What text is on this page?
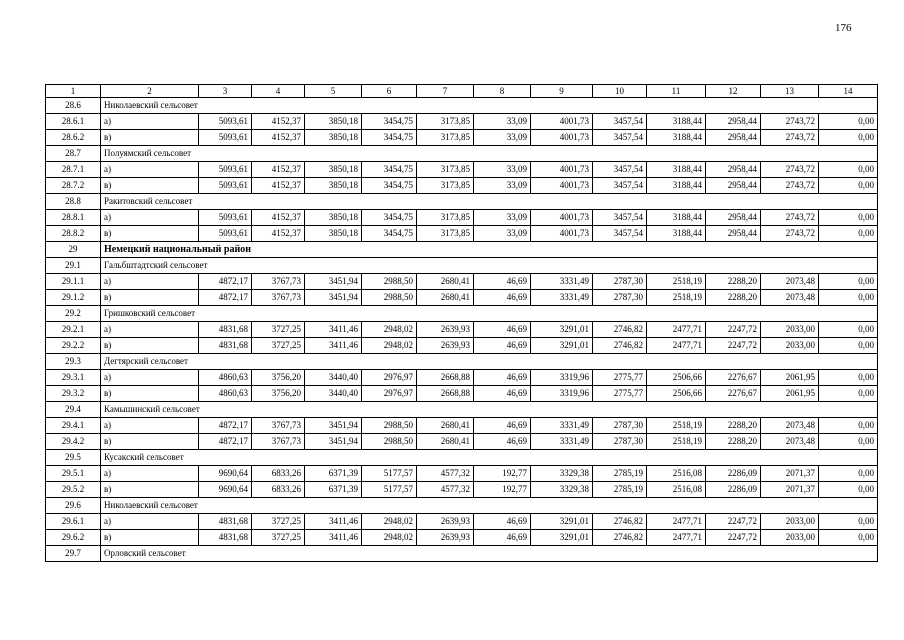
176
1	2	3	4	5	6	7	8	9	10	11	12	13	14
28.6	Николаевский сельсовет												
28.6.1	а)	5093,61	4152,37	3850,18	3454,75	3173,85	33,09	4001,73	3457,54	3188,44	2958,44	2743,72	0,00
28.6.2	в)	5093,61	4152,37	3850,18	3454,75	3173,85	33,09	4001,73	3457,54	3188,44	2958,44	2743,72	0,00
28.7	Полуямский сельсовет												
28.7.1	а)	5093,61	4152,37	3850,18	3454,75	3173,85	33,09	4001,73	3457,54	3188,44	2958,44	2743,72	0,00
28.7.2	в)	5093,61	4152,37	3850,18	3454,75	3173,85	33,09	4001,73	3457,54	3188,44	2958,44	2743,72	0,00
28.8	Ракитовский сельсовет												
28.8.1	а)	5093,61	4152,37	3850,18	3454,75	3173,85	33,09	4001,73	3457,54	3188,44	2958,44	2743,72	0,00
28.8.2	в)	5093,61	4152,37	3850,18	3454,75	3173,85	33,09	4001,73	3457,54	3188,44	2958,44	2743,72	0,00
29	Немецкий национальный район												
29.1	Гальбштадтский сельсовет												
29.1.1	а)	4872,17	3767,73	3451,94	2988,50	2680,41	46,69	3331,49	2787,30	2518,19	2288,20	2073,48	0,00
29.1.2	в)	4872,17	3767,73	3451,94	2988,50	2680,41	46,69	3331,49	2787,30	2518,19	2288,20	2073,48	0,00
29.2	Гришковский сельсовет												
29.2.1	а)	4831,68	3727,25	3411,46	2948,02	2639,93	46,69	3291,01	2746,82	2477,71	2247,72	2033,00	0,00
29.2.2	в)	4831,68	3727,25	3411,46	2948,02	2639,93	46,69	3291,01	2746,82	2477,71	2247,72	2033,00	0,00
29.3	Дегтярский сельсовет												
29.3.1	а)	4860,63	3756,20	3440,40	2976,97	2668,88	46,69	3319,96	2775,77	2506,66	2276,67	2061,95	0,00
29.3.2	в)	4860,63	3756,20	3440,40	2976,97	2668,88	46,69	3319,96	2775,77	2506,66	2276,67	2061,95	0,00
29.4	Камышинский сельсовет												
29.4.1	а)	4872,17	3767,73	3451,94	2988,50	2680,41	46,69	3331,49	2787,30	2518,19	2288,20	2073,48	0,00
29.4.2	в)	4872,17	3767,73	3451,94	2988,50	2680,41	46,69	3331,49	2787,30	2518,19	2288,20	2073,48	0,00
29.5	Кусакский сельсовет												
29.5.1	а)	9690,64	6833,26	6371,39	5177,57	4577,32	192,77	3329,38	2785,19	2516,08	2286,09	2071,37	0,00
29.5.2	в)	9690,64	6833,26	6371,39	5177,57	4577,32	192,77	3329,38	2785,19	2516,08	2286,09	2071,37	0,00
29.6	Николаевский сельсовет												
29.6.1	а)	4831,68	3727,25	3411,46	2948,02	2639,93	46,69	3291,01	2746,82	2477,71	2247,72	2033,00	0,00
29.6.2	в)	4831,68	3727,25	3411,46	2948,02	2639,93	46,69	3291,01	2746,82	2477,71	2247,72	2033,00	0,00
29.7	Орловский сельсовет												
